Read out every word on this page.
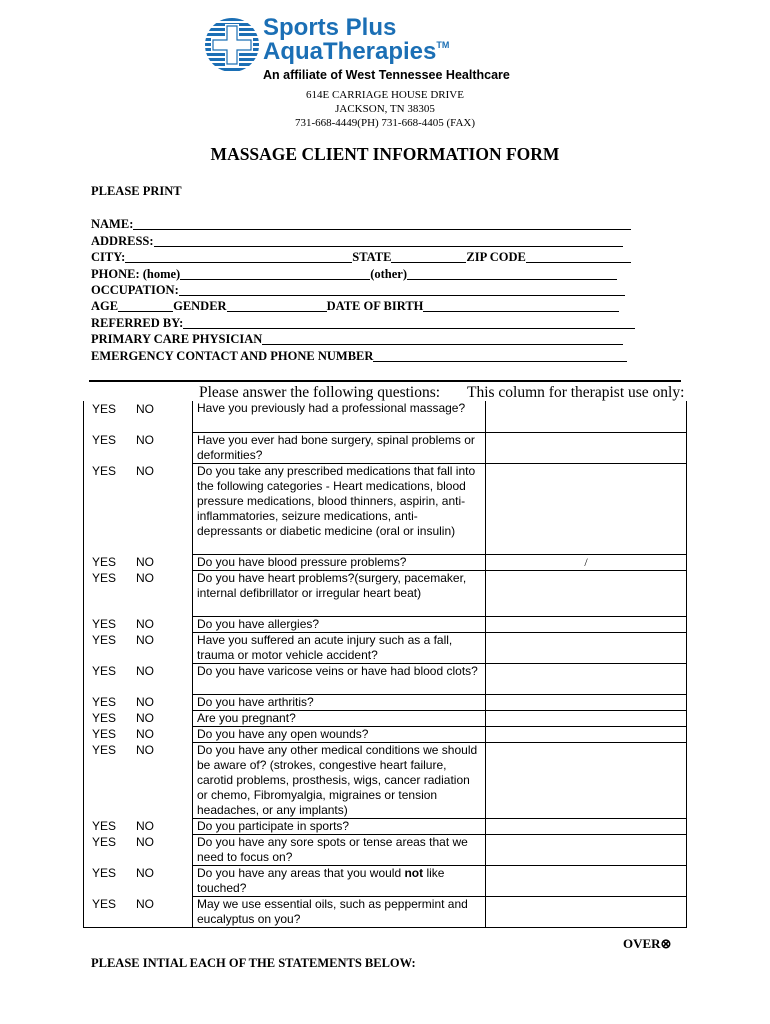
Sports Plus
AquaTherapies™
An affiliate of West Tennessee Healthcare
614E CARRIAGE HOUSE DRIVE
JACKSON, TN 38305
731-668-4449(PH) 731-668-4405 (FAX)
MASSAGE CLIENT INFORMATION FORM
PLEASE PRINT
NAME:
ADDRESS:
CITY:	STATE	ZIP CODE
PHONE: (home)	(other)
OCCUPATION:
AGE	GENDER	DATE OF BIRTH
REFERRED BY:
PRIMARY CARE PHYSICIAN
EMERGENCY CONTACT AND PHONE NUMBER
Please answer the following questions: This column for therapist use only:
YES NO	Have you previously had a professional massage?	
YES NO	Have you ever had bone surgery, spinal problems or deformities?	
YES NO	Do you take any prescribed medications that fall into the following categories - Heart medications, blood pressure medications, blood thinners, aspirin, anti-inflammatories, seizure medications, anti-depressants or diabetic medicine (oral or insulin)	
YES NO	Do you have blood pressure problems?	/
YES NO	Do you have heart problems?(surgery, pacemaker, internal defibrillator or irregular heart beat)	
YES NO	Do you have allergies?	
YES NO	Have you suffered an acute injury such as a fall, trauma or motor vehicle accident?	
YES NO	Do you have varicose veins or have had blood clots?	
YES NO	Do you have arthritis?	
YES NO	Are you pregnant?	
YES NO	Do you have any open wounds?	
YES NO	Do you have any other medical conditions we should be aware of? (strokes, congestive heart failure, carotid problems, prosthesis, wigs, cancer radiation or chemo, Fibromyalgia, migraines or tension headaches, or any implants)	
YES NO	Do you participate in sports?	
YES NO	Do you have any sore spots or tense areas that we need to focus on?	
YES NO	Do you have any areas that you would not like touched?	
YES NO	May we use essential oils, such as peppermint and eucalyptus on you?	
OVER⊗
PLEASE INTIAL EACH OF THE STATEMENTS BELOW:
